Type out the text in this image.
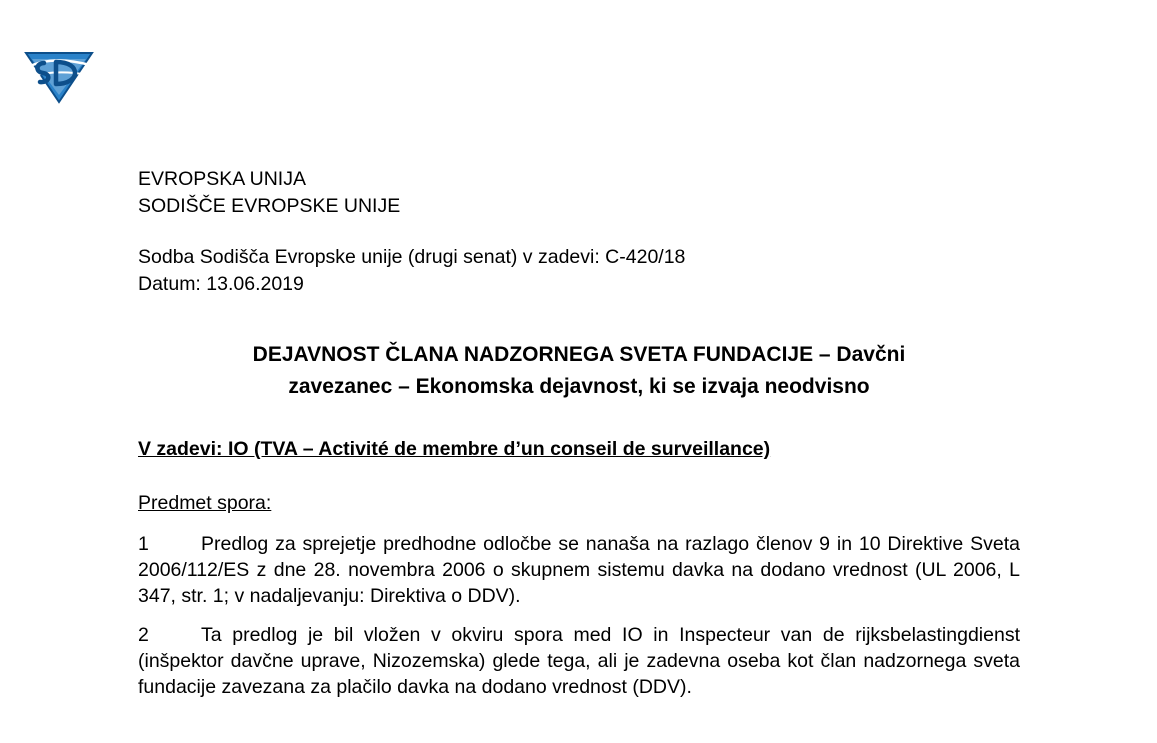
EVROPSKA UNIJA
SODIŠČE EVROPSKE UNIJE
Sodba Sodišča Evropske unije (drugi senat) v zadevi: C-420/18
Datum: 13.06.2019
DEJAVNOST ČLANA NADZORNEGA SVETA FUNDACIJE – Davčni
zavezanec – Ekonomska dejavnost, ki se izvaja neodvisno
V zadevi: IO (TVA – Activité de membre d’un conseil de surveillance)
Predmet spora:

1	Predlog za sprejetje predhodne odločbe se nanaša na razlago členov 9 in 10 Direktive Sveta 2006/112/ES z dne 28. novembra 2006 o skupnem sistemu davka na dodano vrednost (UL 2006, L 347, str. 1; v nadaljevanju: Direktiva o DDV).

2	Ta predlog je bil vložen v okviru spora med IO in Inspecteur van de rijksbelastingdienst (inšpektor davčne uprave, Nizozemska) glede tega, ali je zadevna oseba kot član nadzornega sveta fundacije zavezana za plačilo davka na dodano vrednost (DDV).
